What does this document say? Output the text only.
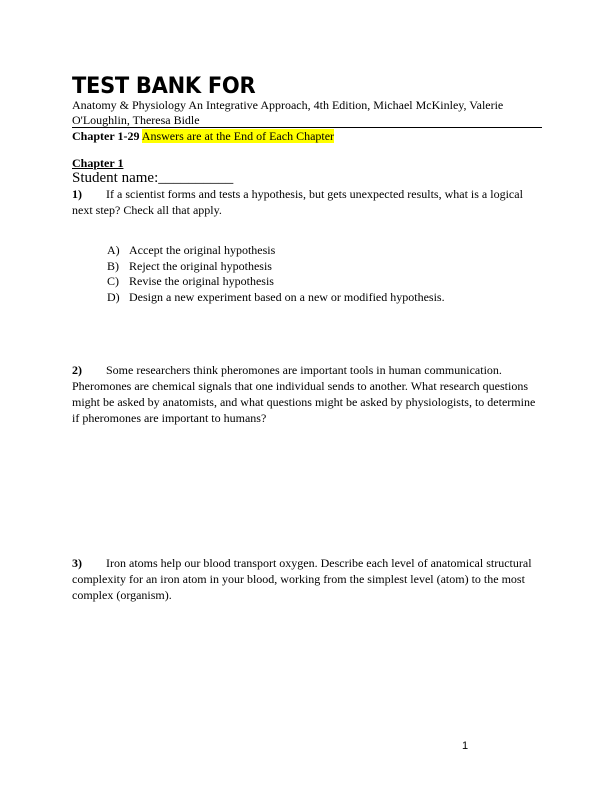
TEST BANK FOR
Anatomy & Physiology An Integrative Approach, 4th Edition, Michael McKinley, Valerie O'Loughlin, Theresa Bidle
Chapter 1-29 Answers are at the End of Each Chapter
Chapter 1
Student name:__________
1) If a scientist forms and tests a hypothesis, but gets unexpected results, what is a logical next step? Check all that apply.
A) Accept the original hypothesis
B) Reject the original hypothesis
C) Revise the original hypothesis
D) Design a new experiment based on a new or modified hypothesis.
2) Some researchers think pheromones are important tools in human communication. Pheromones are chemical signals that one individual sends to another. What research questions might be asked by anatomists, and what questions might be asked by physiologists, to determine if pheromones are important to humans?
3) Iron atoms help our blood transport oxygen. Describe each level of anatomical structural complexity for an iron atom in your blood, working from the simplest level (atom) to the most complex (organism).
1
